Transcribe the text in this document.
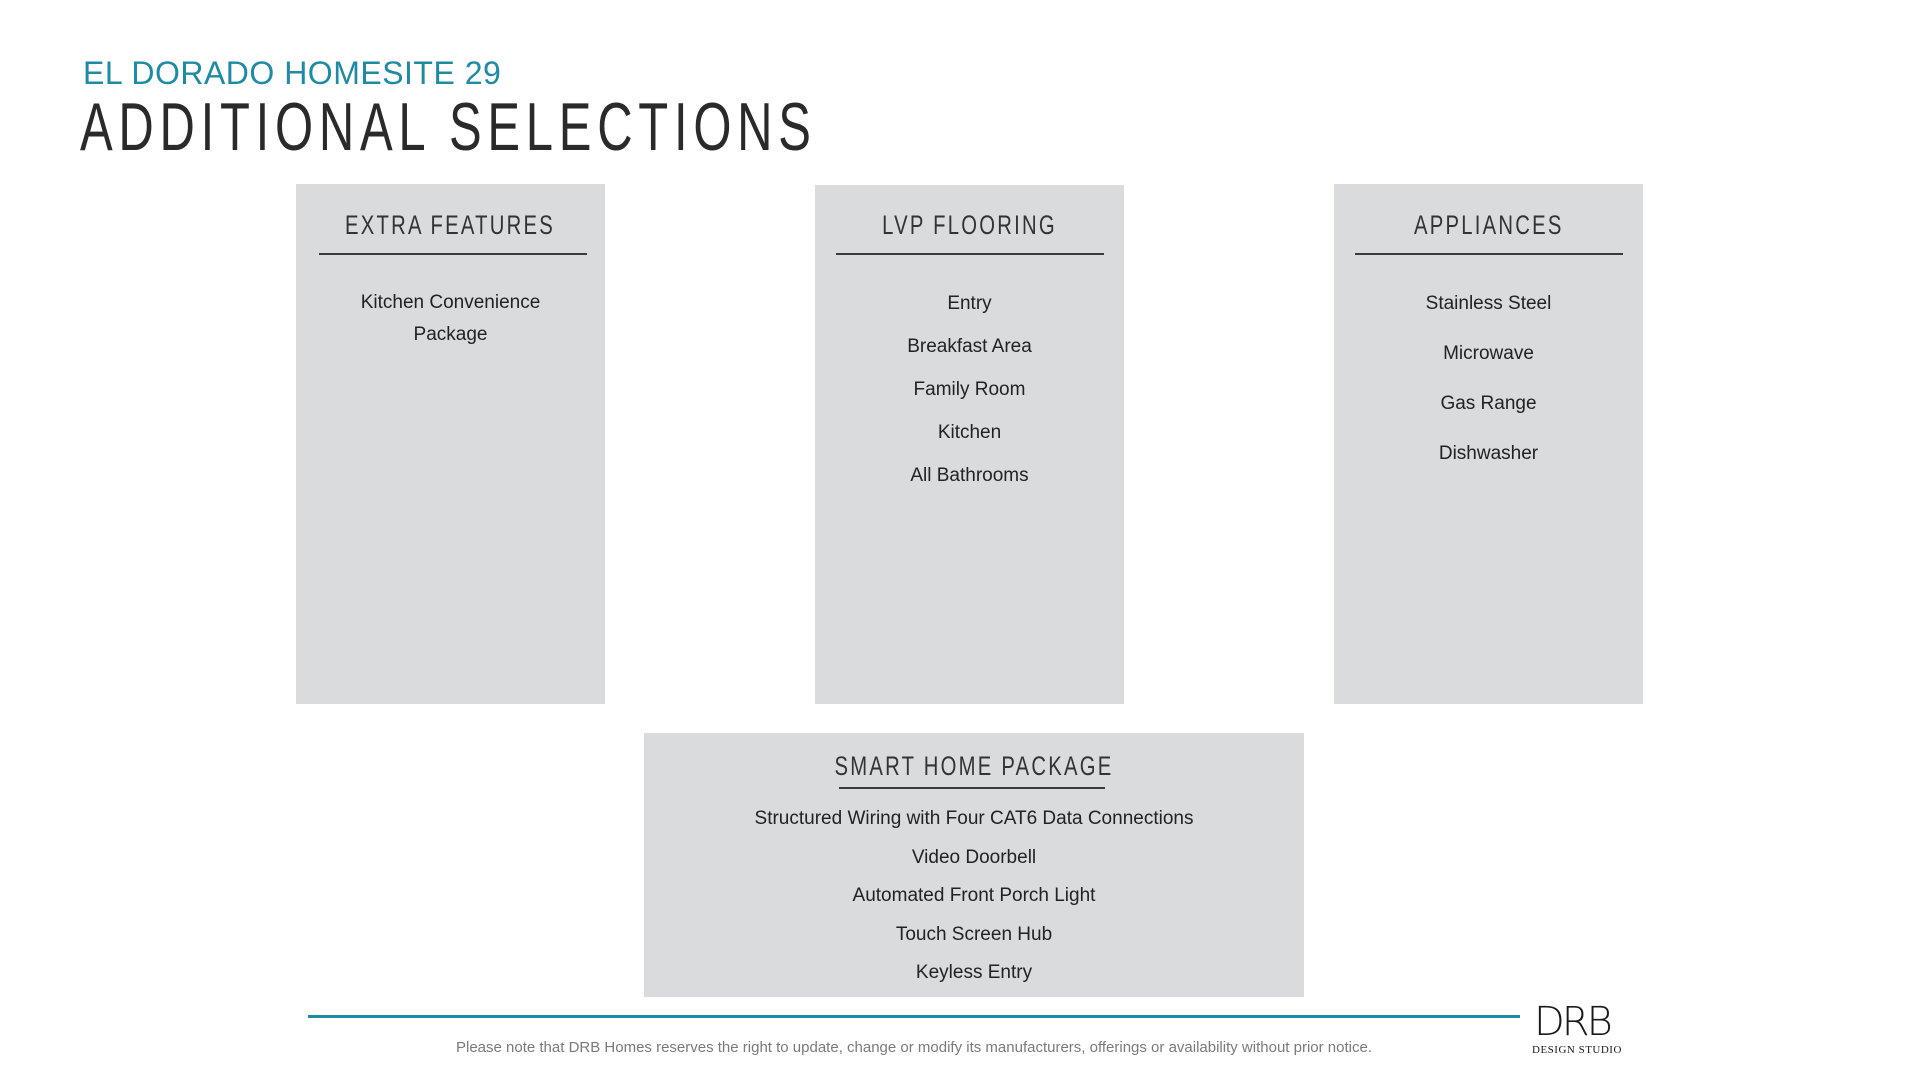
EL DORADO HOMESITE 29
ADDITIONAL SELECTIONS
EXTRA FEATURES
Kitchen Convenience
Package
LVP FLOORING
Entry
Breakfast Area
Family Room
Kitchen
All Bathrooms
APPLIANCES
Stainless Steel
Microwave
Gas Range
Dishwasher
SMART HOME PACKAGE
Structured Wiring with Four CAT6 Data Connections
Video Doorbell
Automated Front Porch Light
Touch Screen Hub
Keyless Entry
Please note that DRB Homes reserves the right to update, change or modify its manufacturers, offerings or availability without prior notice.
DRB
DESIGN STUDIO
